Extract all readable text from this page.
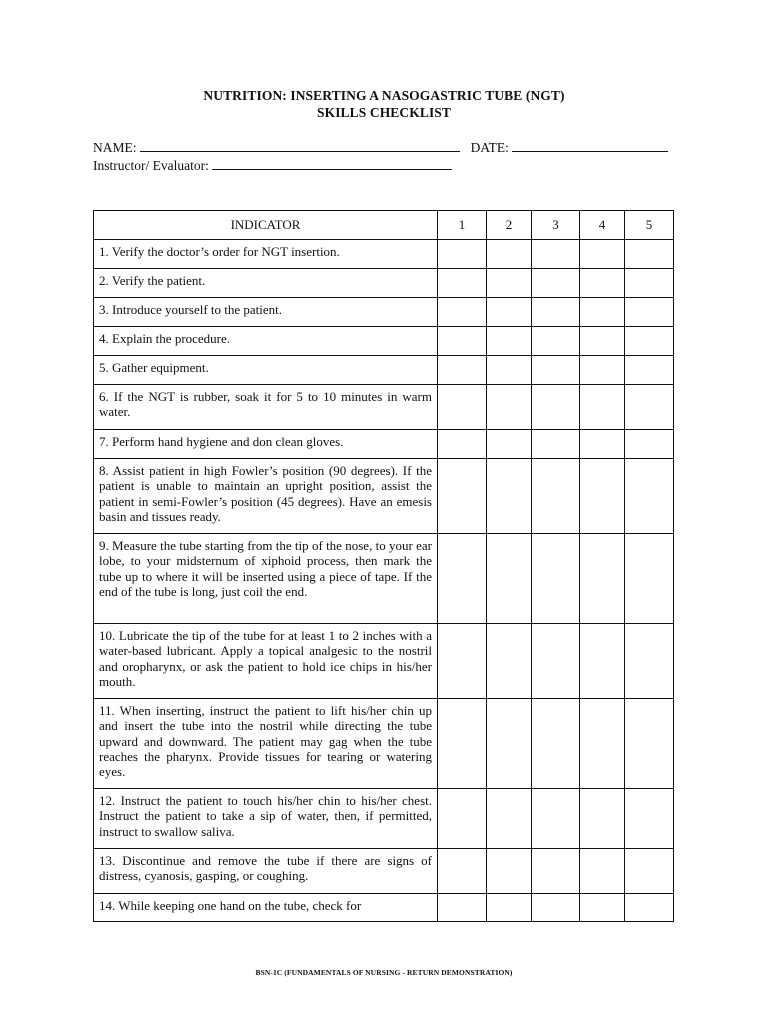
NUTRITION: INSERTING A NASOGASTRIC TUBE (NGT)
SKILLS CHECKLIST
NAME:	DATE:
Instructor/ Evaluator:
INDICATOR	1	2	3	4	5
1. Verify the doctor’s order for NGT insertion.					
2. Verify the patient.					
3. Introduce yourself to the patient.					
4. Explain the procedure.					
5. Gather equipment.					
6. If the NGT is rubber, soak it for 5 to 10 minutes in warm water.					
7. Perform hand hygiene and don clean gloves.					
8. Assist patient in high Fowler’s position (90 degrees). If the patient is unable to maintain an upright position, assist the patient in semi-Fowler’s position (45 degrees). Have an emesis basin and tissues ready.					
9. Measure the tube starting from the tip of the nose, to your ear lobe, to your midsternum of xiphoid process, then mark the tube up to where it will be inserted using a piece of tape. If the end of the tube is long, just coil the end.					
10. Lubricate the tip of the tube for at least 1 to 2 inches with a water-based lubricant. Apply a topical analgesic to the nostril and oropharynx, or ask the patient to hold ice chips in his/her mouth.					
11. When inserting, instruct the patient to lift his/her chin up and insert the tube into the nostril while directing the tube upward and downward. The patient may gag when the tube reaches the pharynx. Provide tissues for tearing or watering eyes.					
12. Instruct the patient to touch his/her chin to his/her chest. Instruct the patient to take a sip of water, then, if permitted, instruct to swallow saliva.					
13. Discontinue and remove the tube if there are signs of distress, cyanosis, gasping, or coughing.					
14. While keeping one hand on the tube, check for					
BSN-1C (FUNDAMENTALS OF NURSING - RETURN DEMONSTRATION)
